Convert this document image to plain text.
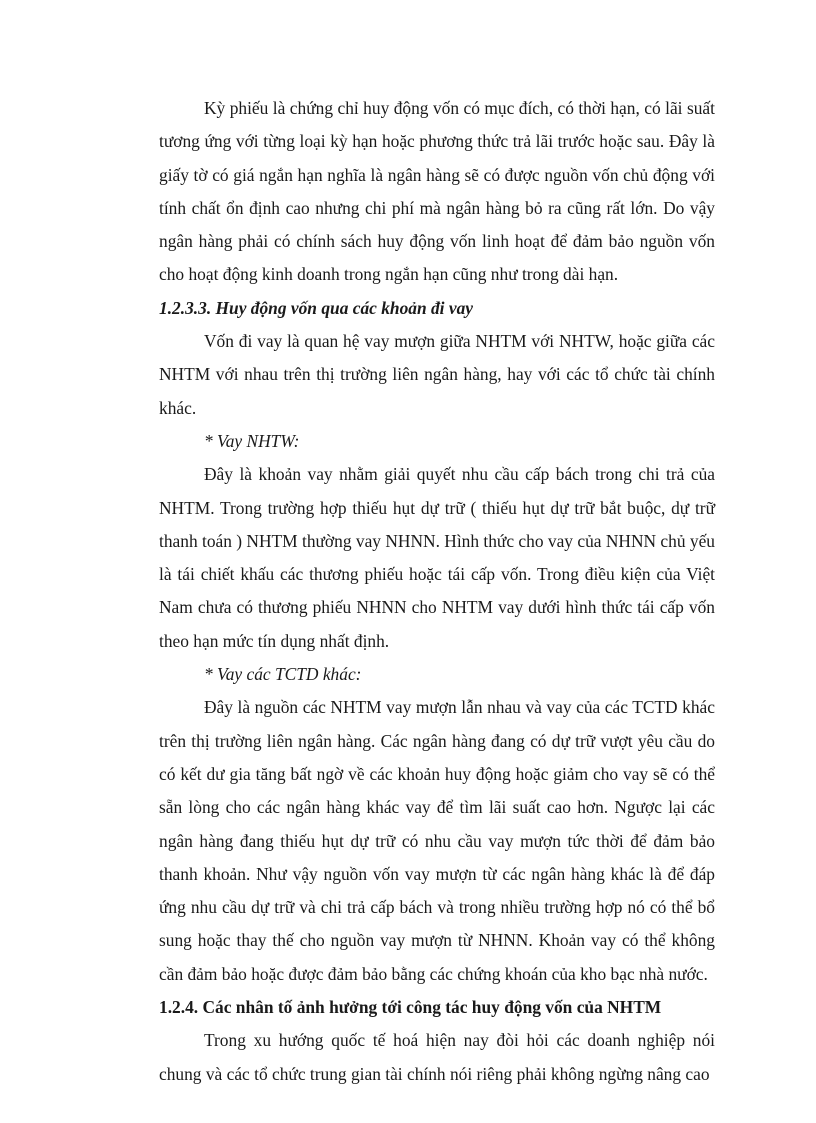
Kỳ phiếu là chứng chỉ huy động vốn có mục đích, có thời hạn, có lãi suất tương ứng với từng loại kỳ hạn hoặc phương thức trả lãi trước hoặc sau. Đây là giấy tờ có giá ngắn hạn nghĩa là ngân hàng sẽ có được nguồn vốn chủ động với tính chất ổn định cao nhưng chi phí mà ngân hàng bỏ ra cũng rất lớn. Do vậy ngân hàng phải có chính sách huy động vốn linh hoạt để đảm bảo nguồn vốn cho hoạt động kinh doanh trong ngắn hạn cũng như trong dài hạn.

1.2.3.3. Huy động vốn qua các khoản đi vay

Vốn đi vay là quan hệ vay mượn giữa NHTM với NHTW, hoặc giữa các NHTM với nhau trên thị trường liên ngân hàng, hay với các tổ chức tài chính khác.

* Vay NHTW:

Đây là khoản vay nhằm giải quyết nhu cầu cấp bách trong chi trả của NHTM. Trong trường hợp thiếu hụt dự trữ ( thiếu hụt dự trữ bắt buộc, dự trữ thanh toán ) NHTM thường vay NHNN. Hình thức cho vay của NHNN chủ yếu là tái chiết khấu các thương phiếu hoặc tái cấp vốn. Trong điều kiện của Việt Nam chưa có thương phiếu NHNN cho NHTM vay dưới hình thức tái cấp vốn theo hạn mức tín dụng nhất định.

* Vay các TCTD khác:

Đây là nguồn các NHTM vay mượn lẫn nhau và vay của các TCTD khác trên thị trường liên ngân hàng. Các ngân hàng đang có dự trữ vượt yêu cầu do có kết dư gia tăng bất ngờ về các khoản huy động hoặc giảm cho vay sẽ có thể sẵn lòng cho các ngân hàng khác vay để tìm lãi suất cao hơn. Ngược lại các ngân hàng đang thiếu hụt dự trữ có nhu cầu vay mượn tức thời để đảm bảo thanh khoản. Như vậy nguồn vốn vay mượn từ các ngân hàng khác là để đáp ứng nhu cầu dự trữ và chi trả cấp bách và trong nhiều trường hợp nó có thể bổ sung hoặc thay thế cho nguồn vay mượn từ NHNN. Khoản vay có thể không cần đảm bảo hoặc được đảm bảo bằng các chứng khoán của kho bạc nhà nước.

1.2.4. Các nhân tố ảnh hưởng tới công tác huy động vốn của NHTM

Trong xu hướng quốc tế hoá hiện nay đòi hỏi các doanh nghiệp nói chung và các tổ chức trung gian tài chính nói riêng phải không ngừng nâng cao
